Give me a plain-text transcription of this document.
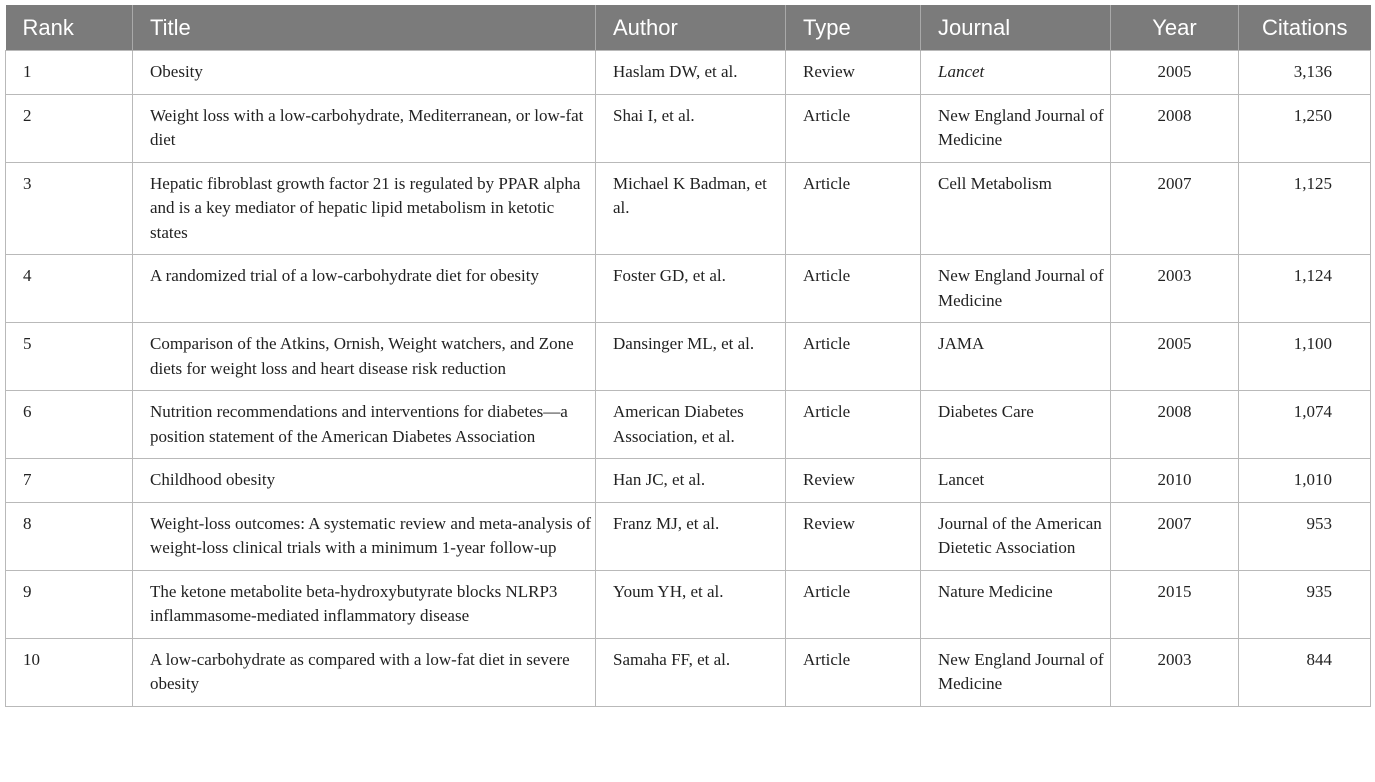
Rank	Title	Author	Type	Journal	Year	Citations
1	Obesity	Haslam DW, et al.	Review	Lancet	2005	3,136
2	Weight loss with a low-carbohydrate, Mediterranean, or low-fat diet	Shai I, et al.	Article	New England Journal of Medicine	2008	1,250
3	Hepatic fibroblast growth factor 21 is regulated by PPAR alpha and is a key mediator of hepatic lipid metabolism in ketotic states	Michael K Badman, et al.	Article	Cell Metabolism	2007	1,125
4	A randomized trial of a low-carbohydrate diet for obesity	Foster GD, et al.	Article	New England Journal of Medicine	2003	1,124
5	Comparison of the Atkins, Ornish, Weight watchers, and Zone diets for weight loss and heart disease risk reduction	Dansinger ML, et al.	Article	JAMA	2005	1,100
6	Nutrition recommendations and interventions for diabetes—a position statement of the American Diabetes Association	American Diabetes Association, et al.	Article	Diabetes Care	2008	1,074
7	Childhood obesity	Han JC, et al.	Review	Lancet	2010	1,010
8	Weight-loss outcomes: A systematic review and meta-analysis of weight-loss clinical trials with a minimum 1-year follow-up	Franz MJ, et al.	Review	Journal of the American Dietetic Association	2007	953
9	The ketone metabolite beta-hydroxybutyrate blocks NLRP3 inflammasome-mediated inflammatory disease	Youm YH, et al.	Article	Nature Medicine	2015	935
10	A low-carbohydrate as compared with a low-fat diet in severe obesity	Samaha FF, et al.	Article	New England Journal of Medicine	2003	844
